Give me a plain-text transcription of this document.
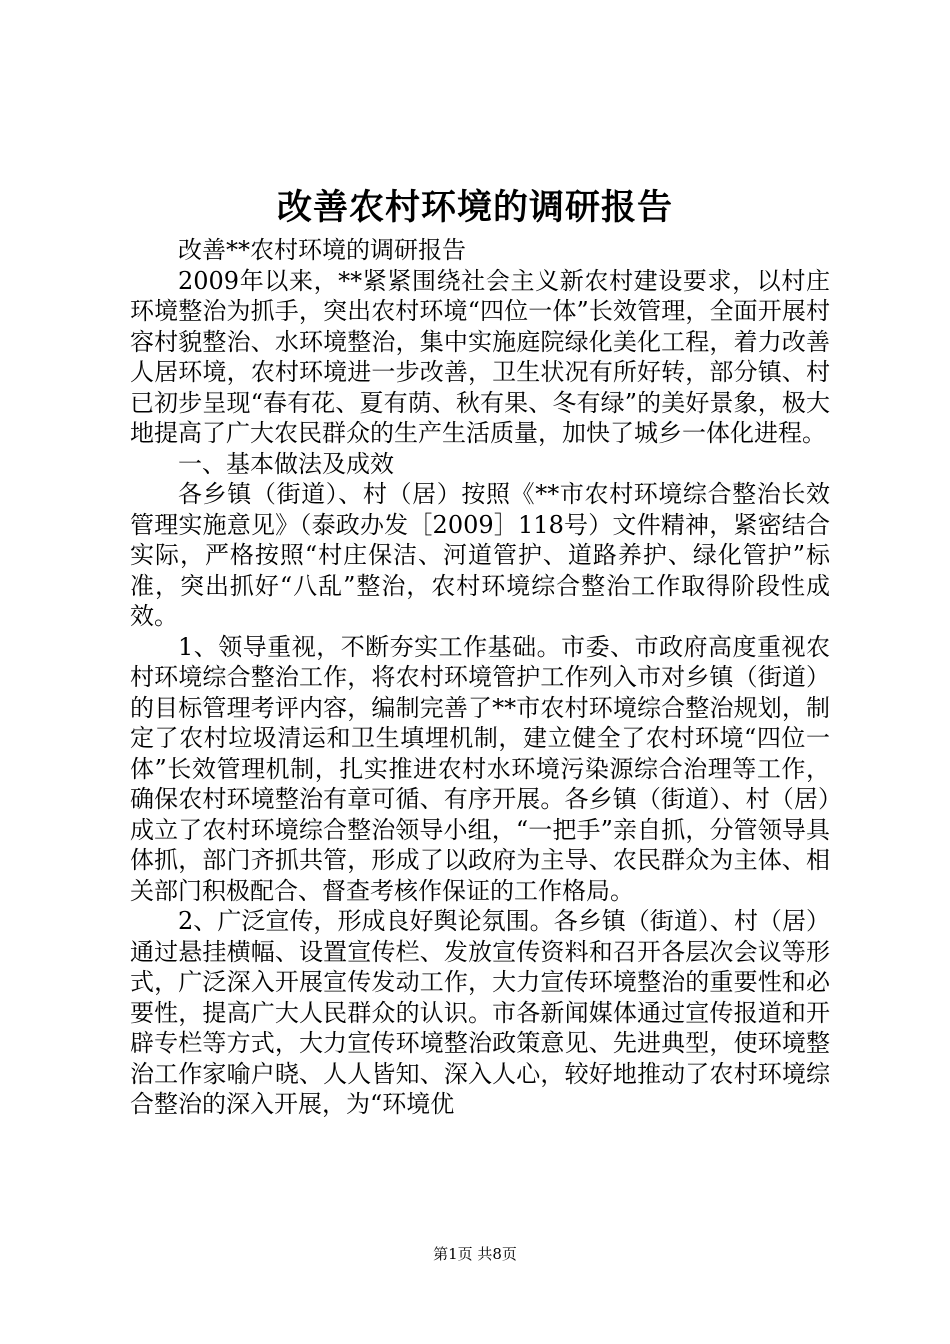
改善农村环境的调研报告

改善**农村环境的调研报告

2009年以来，**紧紧围绕社会主义新农村建设要求，以村庄环境整治为抓手，突出农村环境“四位一体”长效管理，全面开展村容村貌整治、水环境整治，集中实施庭院绿化美化工程，着力改善人居环境，农村环境进一步改善，卫生状况有所好转，部分镇、村已初步呈现“春有花、夏有荫、秋有果、冬有绿”的美好景象，极大地提高了广大农民群众的生产生活质量，加快了城乡一体化进程。

一、基本做法及成效

各乡镇（街道）、村（居）按照《**市农村环境综合整治长效管理实施意见》（泰政办发［2009］118号）文件精神，紧密结合实际，严格按照“村庄保洁、河道管护、道路养护、绿化管护”标准，突出抓好“八乱”整治，农村环境综合整治工作取得阶段性成效。

1、领导重视，不断夯实工作基础。市委、市政府高度重视农村环境综合整治工作，将农村环境管护工作列入市对乡镇（街道）的目标管理考评内容，编制完善了**市农村环境综合整治规划，制定了农村垃圾清运和卫生填埋机制，建立健全了农村环境“四位一体”长效管理机制，扎实推进农村水环境污染源综合治理等工作，确保农村环境整治有章可循、有序开展。各乡镇（街道）、村（居）成立了农村环境综合整治领导小组，“一把手”亲自抓，分管领导具体抓，部门齐抓共管，形成了以政府为主导、农民群众为主体、相关部门积极配合、督查考核作保证的工作格局。

2、广泛宣传，形成良好舆论氛围。各乡镇（街道）、村（居）通过悬挂横幅、设置宣传栏、发放宣传资料和召开各层次会议等形式，广泛深入开展宣传发动工作，大力宣传环境整治的重要性和必要性，提高广大人民群众的认识。市各新闻媒体通过宣传报道和开辟专栏等方式，大力宣传环境整治政策意见、先进典型，使环境整治工作家喻户晓、人人皆知、深入人心，较好地推动了农村环境综合整治的深入开展，为“环境优

第1页 共8页
